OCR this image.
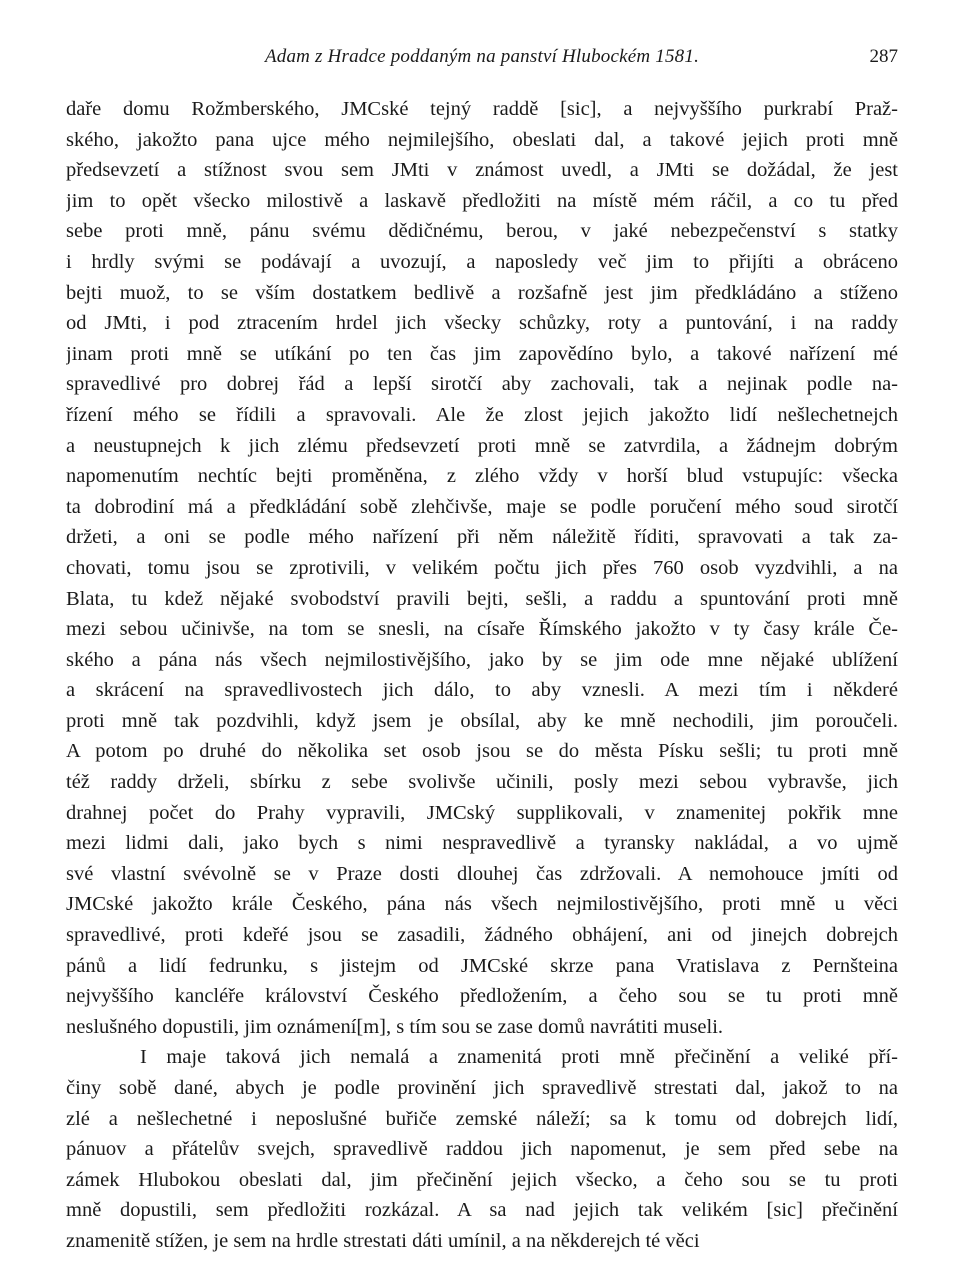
Adam z Hradce poddaným na panství Hlubockém 1581.	287
daře domu Rožmberského, JMCské tejný raddě [sic], a nejvyššího purkrabí Praž-
ského, jakožto pana ujce mého nejmilejšího, obeslati dal, a takové jejich proti mně
předsevzetí a stížnost svou sem JMti v známost uvedl, a JMti se dožádal, že jest
jim to opět všecko milostivě a laskavě předložiti na místě mém ráčil, a co tu před
sebe proti mně, pánu svému dědičnému, berou, v jaké nebezpečenství s statky
i hrdly svými se podávají a uvozují, a naposledy več jim to přijíti a obráceno
bejti muož, to se vším dostatkem bedlivě a rozšafně jest jim předkládáno a stíženo
od JMti, i pod ztracením hrdel jich všecky schůzky, roty a puntování, i na raddy
jinam proti mně se utíkání po ten čas jim zapovědíno bylo, a takové nařízení mé
spravedlivé pro dobrej řád a lepší sirotčí aby zachovali, tak a nejinak podle na-
řízení mého se řídili a spravovali. Ale že zlost jejich jakožto lidí nešlechetnejch
a neustupnejch k jich zlému předsevzetí proti mně se zatvrdila, a žádnejm dobrým
napomenutím nechtíc bejti proměněna, z zlého vždy v horší blud vstupujíc: všecka
ta dobrodiní má a předkládání sobě zlehčivše, maje se podle poručení mého soud sirotčí
držeti, a oni se podle mého nařízení při něm náležitě říditi, spravovati a tak za-
chovati, tomu jsou se zprotivili, v velikém počtu jich přes 760 osob vyzdvihli, a na
Blata, tu kdež nějaké svobodství pravili bejti, sešli, a raddu a spuntování proti mně
mezi sebou učinivše, na tom se snesli, na císaře Římského jakožto v ty časy krále Če-
ského a pána nás všech nejmilostivějšího, jako by se jim ode mne nějaké ublížení
a skrácení na spravedlivostech jich dálo, to aby vznesli. A mezi tím i někderé
proti mně tak pozdvihli, když jsem je obsílal, aby ke mně nechodili, jim poroučeli.
A potom po druhé do několika set osob jsou se do města Písku sešli; tu proti mně
též raddy drželi, sbírku z sebe svolivše učinili, posly mezi sebou vybravše, jich
drahnej počet do Prahy vypravili, JMCský supplikovali, v znamenitej pokřik mne
mezi lidmi dali, jako bych s nimi nespravedlivě a tyransky nakládal, a vo ujmě
své vlastní svévolně se v Praze dosti dlouhej čas zdržovali. A nemohouce jmíti od
JMCské jakožto krále Českého, pána nás všech nejmilostivějšího, proti mně u věci
spravedlivé, proti kdeřé jsou se zasadili, žádného obhájení, ani od jinejch dobrejch
pánů a lidí fedrunku, s jistejm od JMCské skrze pana Vratislava z Pernšteina
nejvyššího kancléře království Českého předložením, a čeho sou se tu proti mně
neslušného dopustili, jim oznámení[m], s tím sou se zase domů navrátiti museli.
I maje taková jich nemalá a znamenitá proti mně přečinění a veliké pří-
činy sobě dané, abych je podle provinění jich spravedlivě strestati dal, jakož to na
zlé a nešlechetné i neposlušné buřiče zemské náleží; sa k tomu od dobrejch lidí,
pánuov a přátelův svejch, spravedlivě raddou jich napomenut, je sem před sebe na
zámek Hlubokou obeslati dal, jim přečinění jejich všecko, a čeho sou se tu proti
mně dopustili, sem předložiti rozkázal. A sa nad jejich tak velikém [sic] přečinění
znamenitě stížen, je sem na hrdle strestati dáti umínil, a na někderejch té věci
